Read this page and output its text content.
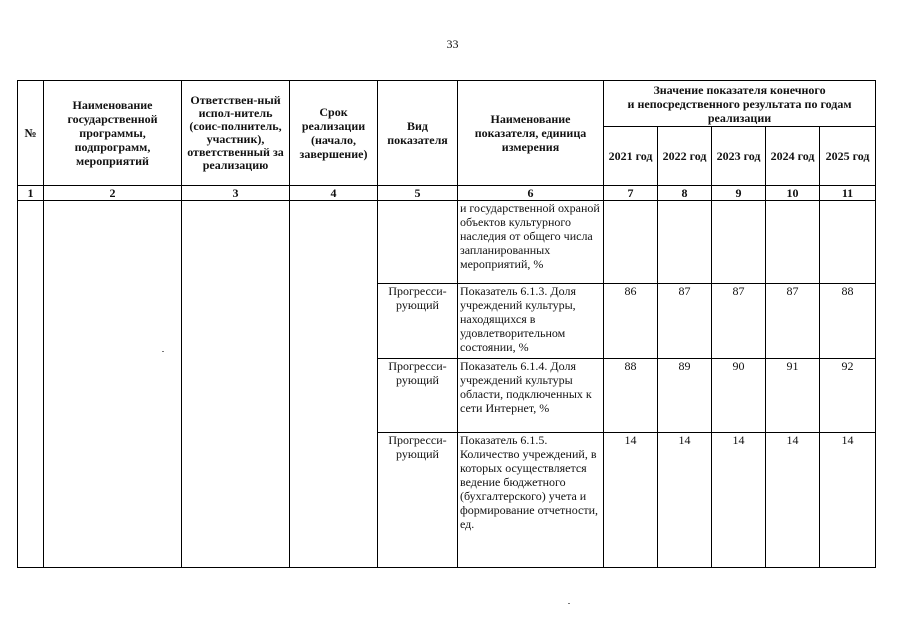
33
№	Наименование государственной программы, подпрограмм, мероприятий	Ответствен-ный испол-нитель (соис-полнитель, участник), ответственный за реализацию	Срок реализации (начало, завершение)	Вид показателя	Наименование показателя, единица измерения	Значение показателя конечного
и непосредственного результата по годам
реализации				

						2021 год	2022 год	2023 год	2024 год	2025 год
1	2	3	4	5	6	7	8	9	10	11
					и государственной охраной объектов культурного наследия от общего числа запланированных мероприятий, %					
				Прогресси-рующий	Показатель 6.1.3. Доля учреждений культуры, находящихся в удовлетворительном состоянии, %	86	87	87	87	88
				Прогресси-рующий	Показатель 6.1.4. Доля учреждений культуры области, подключенных к сети Интернет, %	88	89	90	91	92
				Прогресси-рующий	Показатель 6.1.5. Количество учреждений, в которых осуществляется ведение бюджетного (бухгалтерского) учета и формирование отчетности, ед.	14	14	14	14	14
